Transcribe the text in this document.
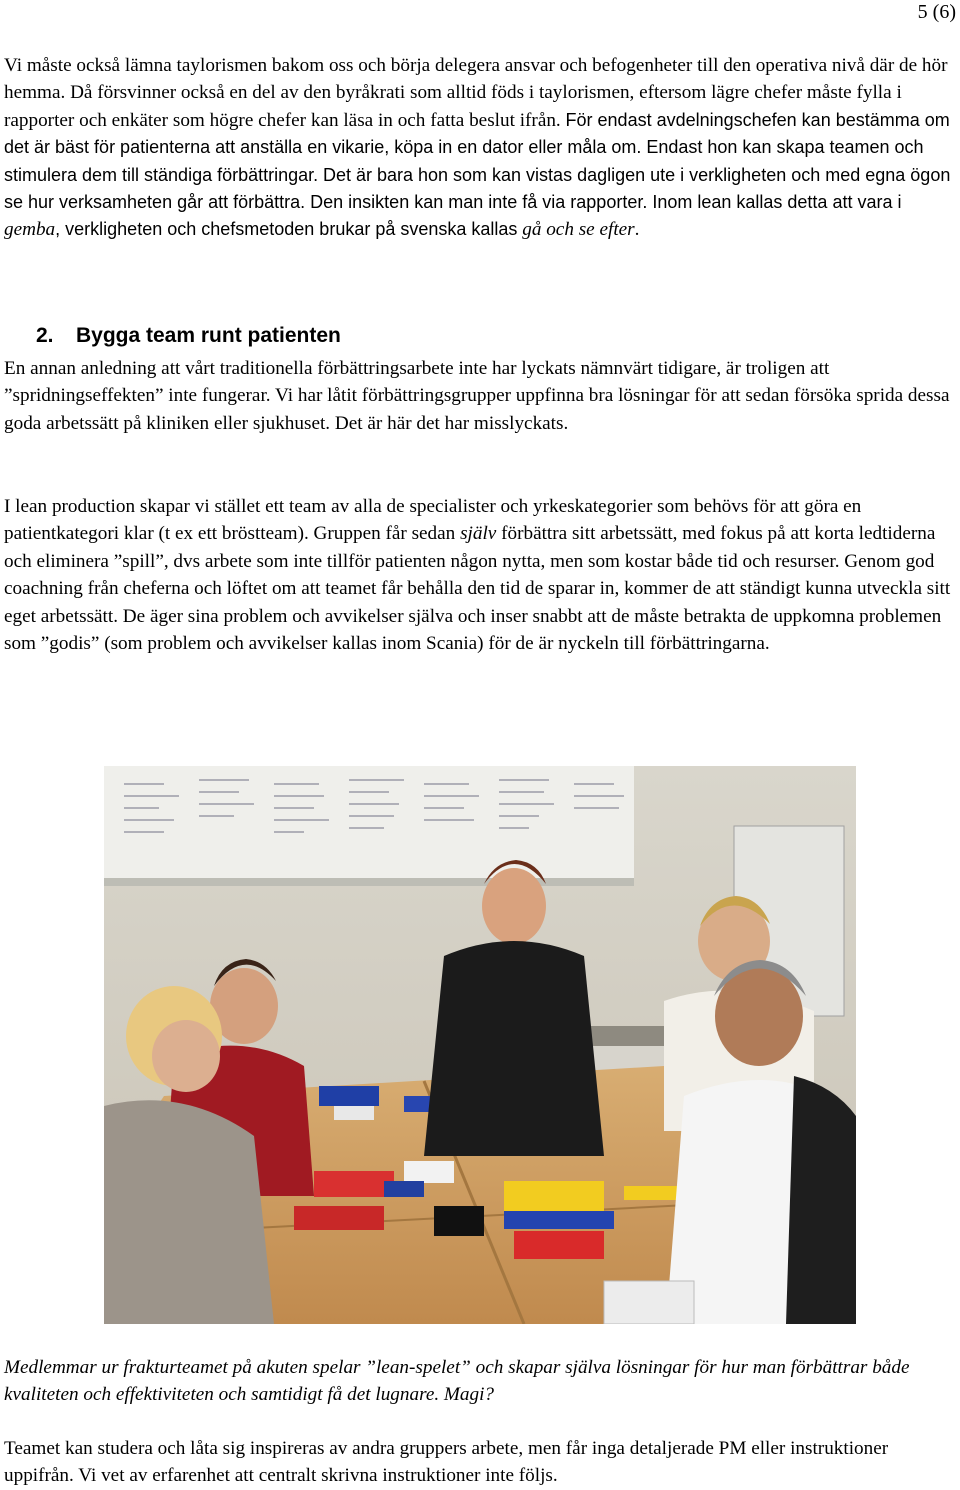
5 (6)

Vi måste också lämna taylorismen bakom oss och börja delegera ansvar och befogenheter till den operativa nivå där de hör hemma. Då försvinner också en del av den byråkrati som alltid föds i taylorismen, eftersom lägre chefer måste fylla i rapporter och enkäter som högre chefer kan läsa in och fatta beslut ifrån. För endast avdelningschefen kan bestämma om det är bäst för patienterna att anställa en vikarie, köpa in en dator eller måla om. Endast hon kan skapa teamen och stimulera dem till ständiga förbättringar. Det är bara hon som kan vistas dagligen ute i verkligheten och med egna ögon se hur verksamheten går att förbättra. Den insikten kan man inte få via rapporter. Inom lean kallas detta att vara i gemba, verkligheten och chefsmetoden brukar på svenska kallas gå och se efter.

2. Bygga team runt patienten

En annan anledning att vårt traditionella förbättringsarbete inte har lyckats nämnvärt tidigare, är troligen att ”spridningseffekten” inte fungerar. Vi har låtit förbättringsgrupper uppfinna bra lösningar för att sedan försöka sprida dessa goda arbetssätt på kliniken eller sjukhuset. Det är här det har misslyckats.

I lean production skapar vi stället ett team av alla de specialister och yrkeskategorier som behövs för att göra en patientkategori klar (t ex ett bröstteam). Gruppen får sedan själv förbättra sitt arbetssätt, med fokus på att korta ledtiderna och eliminera ”spill”, dvs arbete som inte tillför patienten någon nytta, men som kostar både tid och resurser. Genom god coachning från cheferna och löftet om att teamet får behålla den tid de sparar in, kommer de att ständigt kunna utveckla sitt eget arbetssätt. De äger sina problem och avvikelser själva och inser snabbt att de måste betrakta de uppkomna problemen som ”godis” (som problem och avvikelser kallas inom Scania) för de är nyckeln till förbättringarna.

Medlemmar ur frakturteamet på akuten spelar ”lean-spelet” och skapar själva lösningar för hur man förbättrar både kvaliteten och effektiviteten och samtidigt få det lugnare. Magi?

Teamet kan studera och låta sig inspireras av andra gruppers arbete, men får inga detaljerade PM eller instruktioner uppifrån. Vi vet av erfarenhet att centralt skrivna instruktioner inte följs.
